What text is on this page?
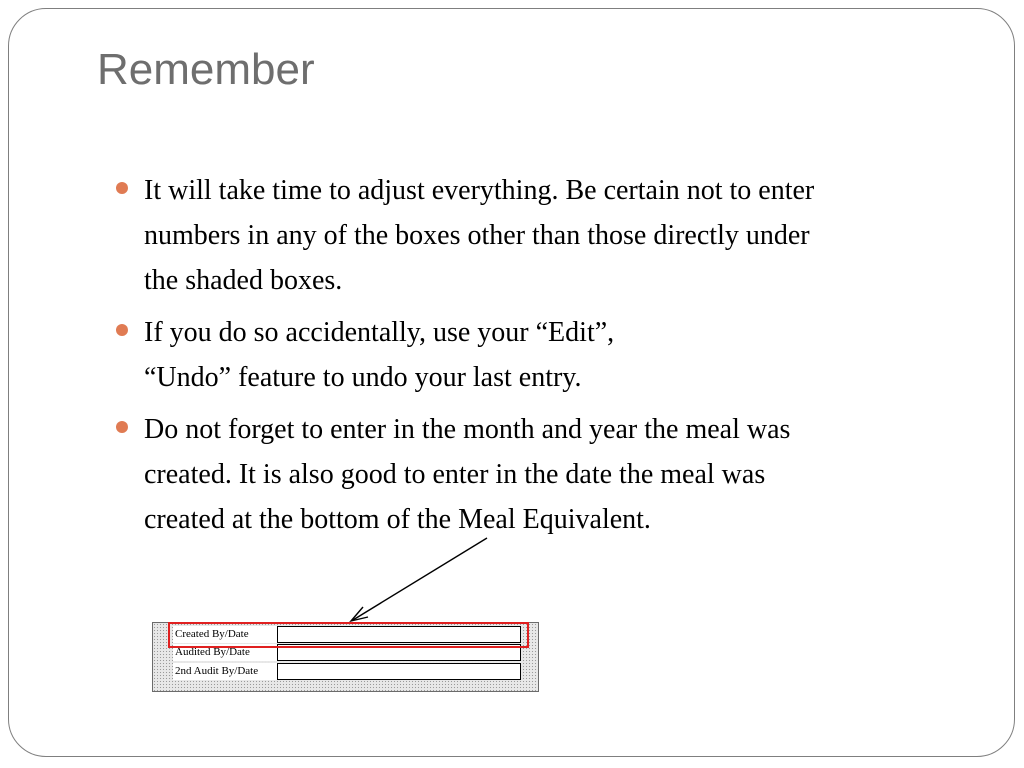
Remember
It will take time to adjust everything. Be certain not to enter
numbers in any of the boxes other than those directly under
the shaded boxes.
If you do so accidentally, use your “Edit”,
“Undo” feature to undo your last entry.
Do not forget to enter in the month and year the meal was
created. It is also good to enter in the date the meal was
created at the bottom of the Meal Equivalent.
Created By/Date
Audited By/Date
2nd Audit By/Date
